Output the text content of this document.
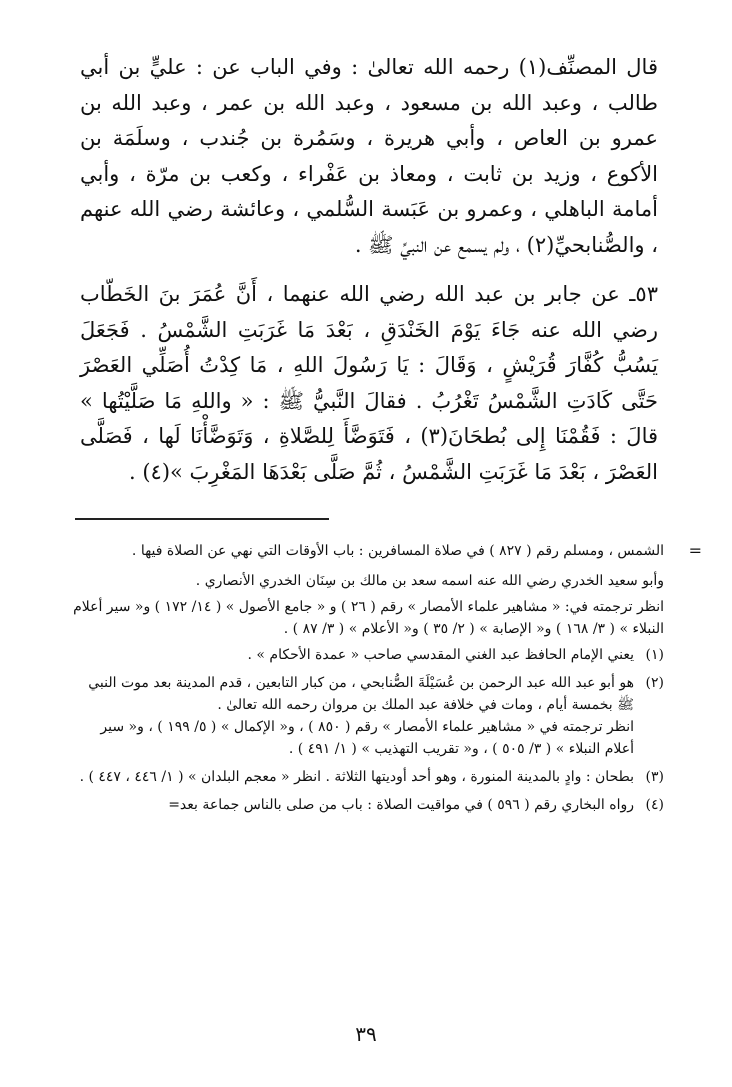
قال المصنِّف(١) رحمه الله تعالىٰ : وفي الباب عن : عليٍّ بن أبي طالب ، وعبد الله بن مسعود ، وعبد الله بن عمر ، وعبد الله بن عمرو بن العاص ، وأبي هريرة ، وسَمُرة بن جُندب ، وسلَمَة بن الأكوع ، وزيد بن ثابت ، ومعاذ بن عَفْراء ، وكعب بن مرّة ، وأبي أمامة الباهلي ، وعمرو بن عَبَسة السُّلمي ، وعائشة رضي الله عنهم ، والصُّنابحيِّ(٢) ، ولم يسمع عن النبيِّ ﷺ .

٥٣ـ عن جابر بن عبد الله رضي الله عنهما ، أَنَّ عُمَرَ بنَ الخَطّاب رضي الله عنه جَاءَ يَوْمَ الخَنْدَقِ ، بَعْدَ مَا غَرَبَتِ الشَّمْسُ . فَجَعَلَ يَسُبُّ كُفَّارَ قُرَيْشٍ ، وَقَالَ : يَا رَسُولَ اللهِ ، مَا كِدْتُ أُصَلِّي العَصْرَ حَتَّى كَادَتِ الشَّمْسُ تَغْرُبُ . فقالَ النَّبيُّ ﷺ : « واللهِ مَا صَلَّيْتُها » قالَ : فَقُمْنَا إِلى بُطحَانَ(٣) ، فَتَوَضَّأَ لِلصَّلاةِ ، وَتَوَضَّأْنَا لَها ، فَصَلَّى العَصْرَ ، بَعْدَ مَا غَرَبَتِ الشَّمْسُ ، ثُمَّ صَلَّى بَعْدَهَا المَغْرِبَ »(٤) .

=

الشمس ، ومسلم رقم ( ٨٢٧ ) في صلاة المسافرين : باب الأوقات التي نهي عن الصلاة فيها .

وأبو سعيد الخدري رضي الله عنه اسمه سعد بن مالك بن سِنَان الخدري الأنصاري .

انظر ترجمته في: « مشاهير علماء الأمصار » رقم ( ٢٦ ) و « جامع الأصول » ( ١٤/ ١٧٢ ) و« سير أعلام النبلاء » ( ٣/ ١٦٨ ) و« الإصابة » ( ٢/ ٣٥ ) و« الأعلام » ( ٣/ ٨٧ ) .

(١)

يعني الإمام الحافظ عبد الغني المقدسي صاحب « عمدة الأحكام » .

(٢)

هو أبو عبد الله عبد الرحمن بن عُسَيْلَةَ الصُّنابحي ، من كبار التابعين ، قدم المدينة بعد موت النبي ﷺ بخمسة أيام ، ومات في خلافة عبد الملك بن مروان رحمه الله تعالىٰ .

انظر ترجمته في « مشاهير علماء الأمصار » رقم ( ٨٥٠ ) ، و« الإكمال » ( ٥/ ١٩٩ ) ، و« سير أعلام النبلاء » ( ٣/ ٥٠٥ ) ، و« تقريب التهذيب » ( ١/ ٤٩١ ) .

(٣)

بطحان : وادٍ بالمدينة المنورة ، وهو أحد أوديتها الثلاثة . انظر « معجم البلدان » ( ١/ ٤٤٦ ، ٤٤٧ ) .

(٤)

رواه البخاري رقم ( ٥٩٦ ) في مواقيت الصلاة : باب من صلى بالناس جماعة بعد=

٣٩
